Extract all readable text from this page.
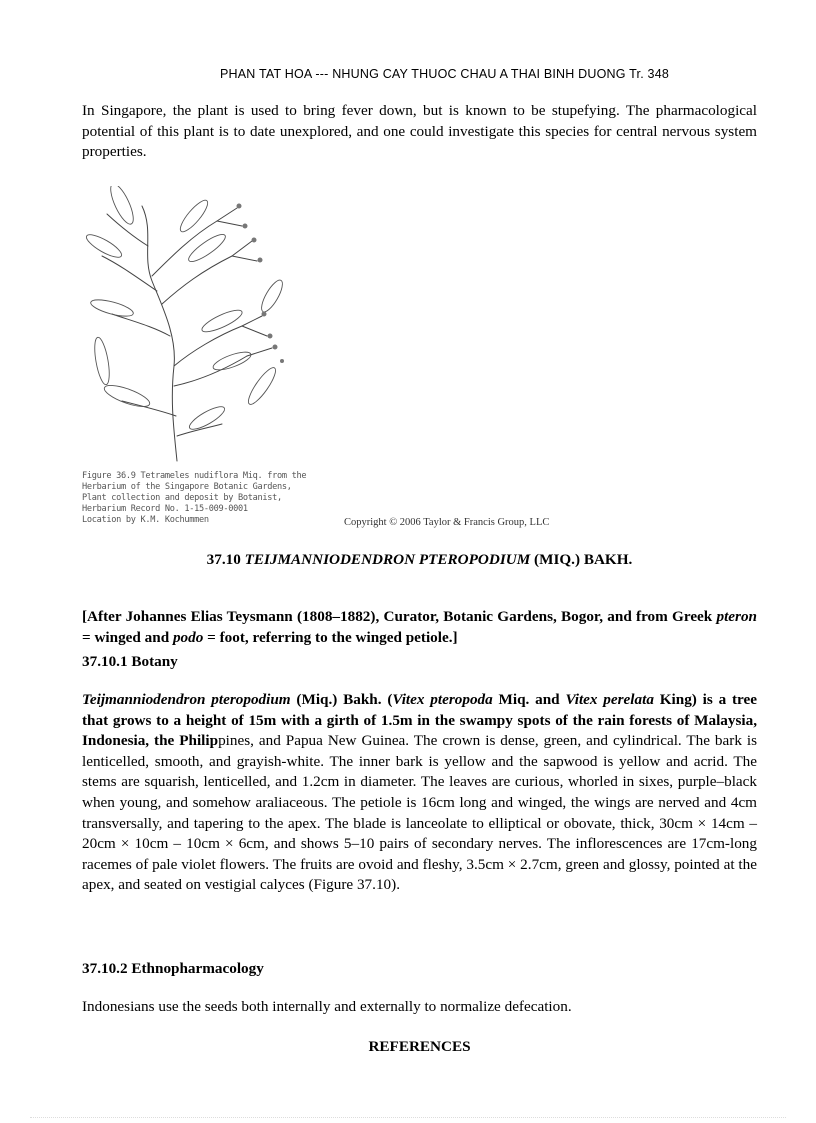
PHAN TAT HOA --- NHUNG CAY THUOC CHAU A THAI BINH DUONG Tr. 348

In Singapore, the plant is used to bring fever down, but is known to be stupefying. The pharmacological potential of this plant is to date unexplored, and one could investigate this species for central nervous system properties.

Figure 36.9 Tetrameles nudiflora Miq. from the
Herbarium of the Singapore Botanic Gardens,
Plant collection and deposit by Botanist,
Herbarium Record No. 1-15-009-0001
Location by K.M. Kochummen	Copyright © 2006 Taylor & Francis Group, LLC
37.10 TEIJMANNIODENDRON PTEROPODIUM (MIQ.) BAKH.

[After Johannes Elias Teysmann (1808–1882), Curator, Botanic Gardens, Bogor, and from Greek pteron = winged and podo = foot, referring to the winged petiole.]

37.10.1 Botany

Teijmanniodendron pteropodium (Miq.) Bakh. (Vitex pteropoda Miq. and Vitex perelata King) is a tree that grows to a height of 15m with a girth of 1.5m in the swampy spots of the rain forests of Malaysia, Indonesia, the Philippines, and Papua New Guinea. The crown is dense, green, and cylindrical. The bark is lenticelled, smooth, and grayish-white. The inner bark is yellow and the sapwood is yellow and acrid. The stems are squarish, lenticelled, and 1.2cm in diameter. The leaves are curious, whorled in sixes, purple–black when young, and somehow araliaceous. The petiole is 16cm long and winged, the wings are nerved and 4cm transversally, and tapering to the apex. The blade is lanceolate to elliptical or obovate, thick, 30cm × 14cm – 20cm × 10cm – 10cm × 6cm, and shows 5–10 pairs of secondary nerves. The inflorescences are 17cm-long racemes of pale violet flowers. The fruits are ovoid and fleshy, 3.5cm × 2.7cm, green and glossy, pointed at the apex, and seated on vestigial calyces (Figure 37.10).

37.10.2 Ethnopharmacology

Indonesians use the seeds both internally and externally to normalize defecation.

REFERENCES
